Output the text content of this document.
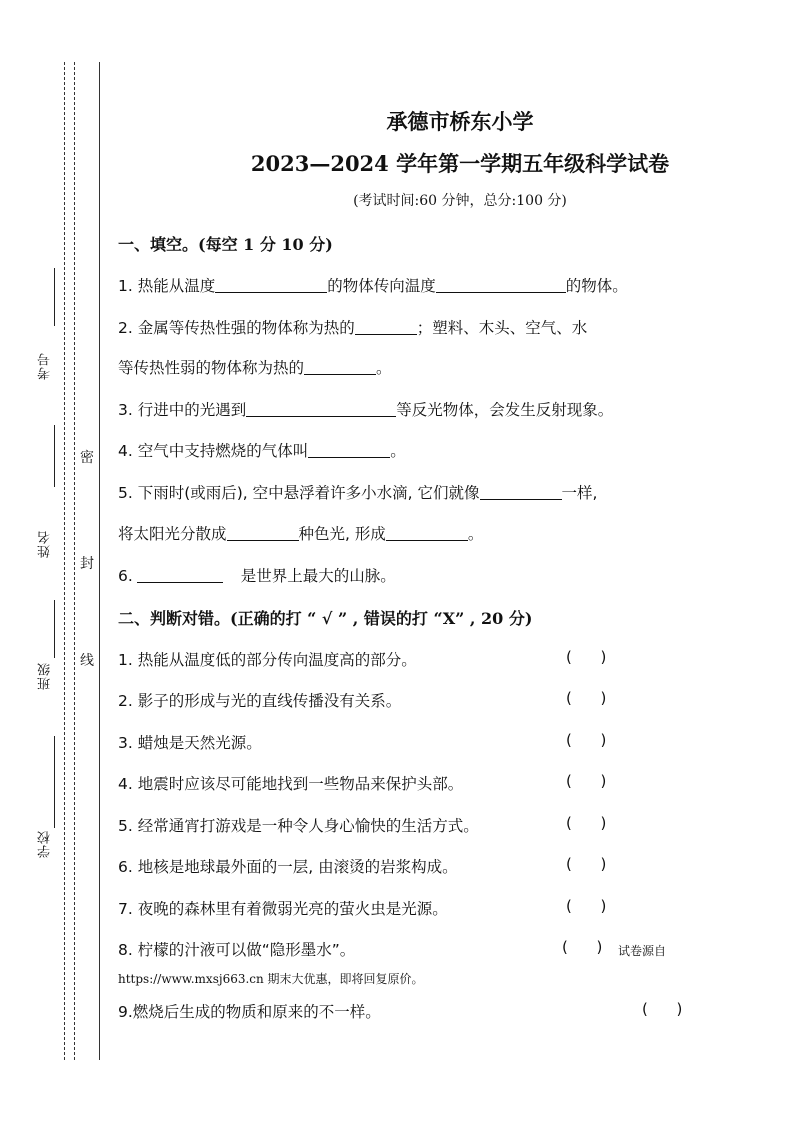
考号
姓名
班级
学校
密
封
线
承德市桥东小学
2023—2024 学年第一学期五年级科学试卷
(考试时间:60 分钟，总分:100 分)
一、填空。(每空 1 分 10 分)
1. 热能从温度	的物体传向温度	的物体。
2. 金属等传热性强的物体称为热的	；塑料、木头、空气、水
等传热性弱的物体称为热的	。
3. 行进中的光遇到	等反光物体，会发生反射现象。
4. 空气中支持燃烧的气体叫	。
5. 下雨时(或雨后), 空中悬浮着许多小水滴, 它们就像	一样,
将太阳光分散成	种色光, 形成	。
6.	是世界上最大的山脉。
二、判断对错。(正确的打 “ √ ” , 错误的打 “X” , 20 分)
1. 热能从温度低的部分传向温度高的部分。	(      )
2. 影子的形成与光的直线传播没有关系。	(      )
3. 蜡烛是天然光源。	(      )
4. 地震时应该尽可能地找到一些物品来保护头部。	(      )
5. 经常通宵打游戏是一种令人身心愉快的生活方式。	(      )
6. 地核是地球最外面的一层, 由滚烫的岩浆构成。	(      )
7. 夜晚的森林里有着微弱光亮的萤火虫是光源。	(      )
8. 柠檬的汁液可以做“隐形墨水”。	(      ) 试卷源自
https://www.mxsj663.cn 期末大优惠，即将回复原价。
9.燃烧后生成的物质和原来的不一样。	(      )
